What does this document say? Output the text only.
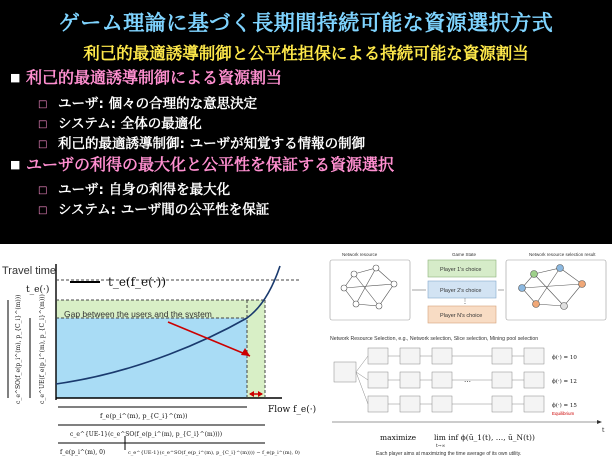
ゲーム理論に基づく長期間持続可能な資源選択方式
利己的最適誘導制御と公平性担保による持続可能な資源割当
■ 利己的最適誘導制御による資源割当
□ ユーザ: 個々の合理的な意思決定
□ システム: 全体の最適化
□ 利己的最適誘導制御: ユーザが知覚する情報の制御
■ ユーザの利得の最大化と公平性を保証する資源選択
□ ユーザ: 自身の利得を最大化
□ システム: ユーザ間の公平性を保証
Travel time
t_e(·)
t_e(f_e(·))
Gap between the users and the system
Flow f_e(·)
c_e^SO(f_e(p_i^(m), p_{C_i}^(m)))	c_e^UE(f_e(p_i^(m), p_{C_i}^(m)))
f_e(p_i^(m), p_{C_i}^(m))
c_e^{UE-1}(c_e^SO(f_e(p_i^(m), p_{C_i}^(m))))
f_e(p_i^(m), 0)	c_e^{UE-1}(c_e^SO(f_e(p_i^(m), p_{C_i}^(m)))) − f_e(p_i^(m), 0)
Network resource	Game State	Network resource selection result
Player 1's choice
Player 2's choice
Player N's choice
⋮
Network Resource Selection, e.g., Network selection, Slice selection, Mining pool selection
⋯
ϕ(·) = 10
ϕ(·) = 12
ϕ(·) = 15
Equilibrium
t
maximize lim inf ϕ(ū_1(t), …, ū_N(t))
t→∞
Each player aims at maximizing the time average of its own utility.
